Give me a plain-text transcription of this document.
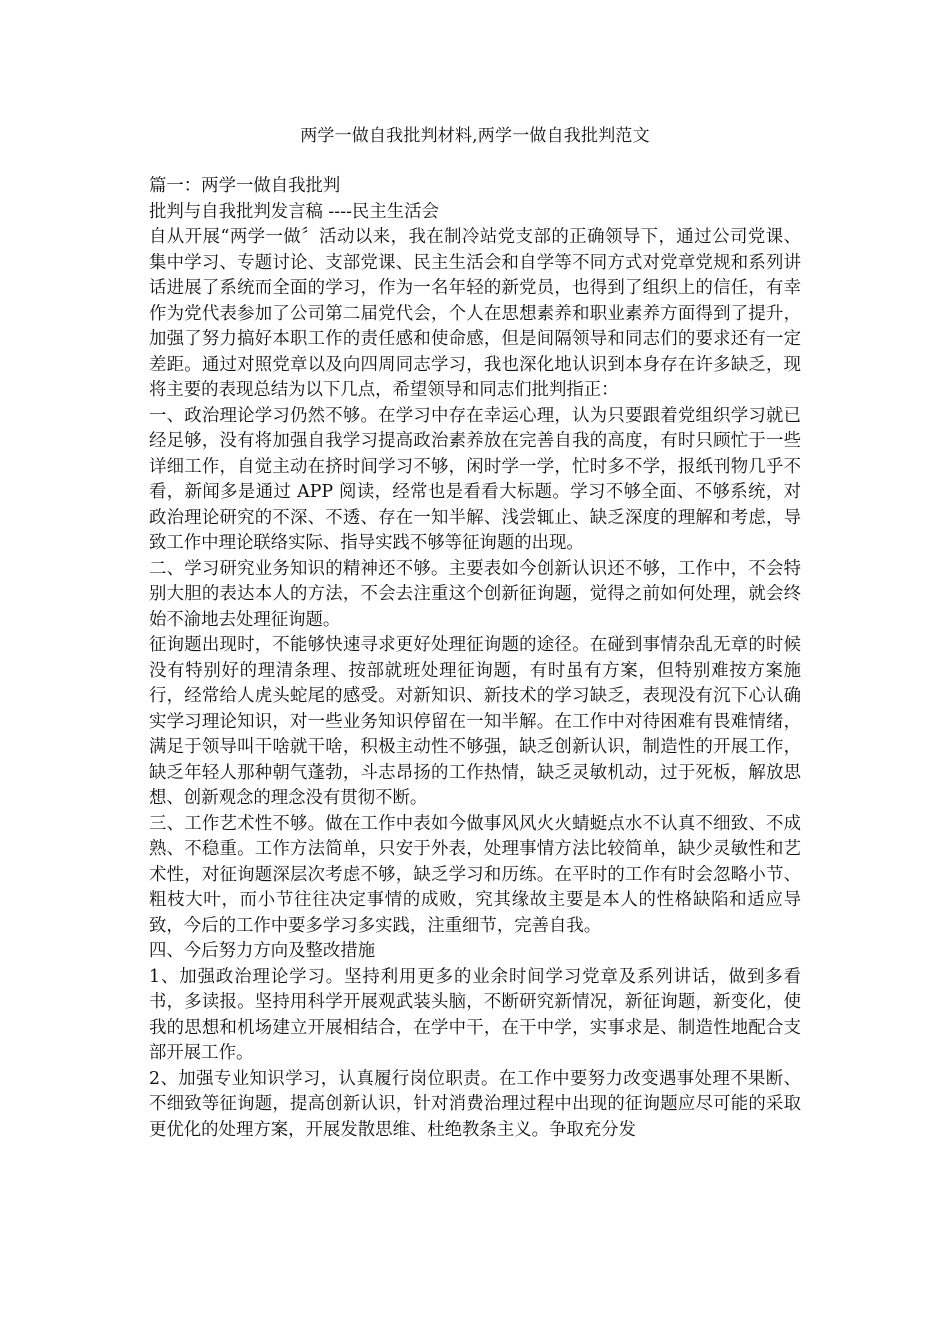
两学一做自我批判材料,两学一做自我批判范文

篇一：两学一做自我批判

批判与自我批判发言稿 ----民主生活会

自从开展“两学一做〞活动以来，我在制冷站党支部的正确领导下，通过公司党课、集中学习、专题讨论、支部党课、民主生活会和自学等不同方式对党章党规和系列讲话进展了系统而全面的学习，作为一名年轻的新党员，也得到了组织上的信任，有幸作为党代表参加了公司第二届党代会，个人在思想素养和职业素养方面得到了提升，加强了努力搞好本职工作的责任感和使命感，但是间隔领导和同志们的要求还有一定差距。通过对照党章以及向四周同志学习，我也深化地认识到本身存在许多缺乏，现将主要的表现总结为以下几点，希望领导和同志们批判指正：

一、政治理论学习仍然不够。在学习中存在幸运心理，认为只要跟着党组织学习就已经足够，没有将加强自我学习提高政治素养放在完善自我的高度，有时只顾忙于一些详细工作，自觉主动在挤时间学习不够，闲时学一学，忙时多不学，报纸刊物几乎不看，新闻多是通过 APP 阅读，经常也是看看大标题。学习不够全面、不够系统，对政治理论研究的不深、不透、存在一知半解、浅尝辄止、缺乏深度的理解和考虑，导致工作中理论联络实际、指导实践不够等征询题的出现。

二、学习研究业务知识的精神还不够。主要表如今创新认识还不够，工作中，不会特别大胆的表达本人的方法，不会去注重这个创新征询题，觉得之前如何处理，就会终始不渝地去处理征询题。

征询题出现时，不能够快速寻求更好处理征询题的途径。在碰到事情杂乱无章的时候没有特别好的理清条理、按部就班处理征询题，有时虽有方案，但特别难按方案施行，经常给人虎头蛇尾的感受。对新知识、新技术的学习缺乏，表现没有沉下心认确实学习理论知识，对一些业务知识停留在一知半解。在工作中对待困难有畏难情绪，满足于领导叫干啥就干啥，积极主动性不够强，缺乏创新认识，制造性的开展工作，缺乏年轻人那种朝气蓬勃，斗志昂扬的工作热情，缺乏灵敏机动，过于死板，解放思想、创新观念的理念没有贯彻不断。

三、工作艺术性不够。做在工作中表如今做事风风火火蜻蜓点水不认真不细致、不成熟、不稳重。工作方法简单，只安于外表，处理事情方法比较简单，缺少灵敏性和艺术性，对征询题深层次考虑不够，缺乏学习和历练。在平时的工作有时会忽略小节、粗枝大叶，而小节往往决定事情的成败，究其缘故主要是本人的性格缺陷和适应导致，今后的工作中要多学习多实践，注重细节，完善自我。

四、今后努力方向及整改措施

1、加强政治理论学习。坚持利用更多的业余时间学习党章及系列讲话，做到多看书，多读报。坚持用科学开展观武装头脑，不断研究新情况，新征询题，新变化，使我的思想和机场建立开展相结合，在学中干，在干中学，实事求是、制造性地配合支部开展工作。

2、加强专业知识学习，认真履行岗位职责。在工作中要努力改变遇事处理不果断、不细致等征询题，提高创新认识，针对消费治理过程中出现的征询题应尽可能的采取更优化的处理方案，开展发散思维、杜绝教条主义。争取充分发
